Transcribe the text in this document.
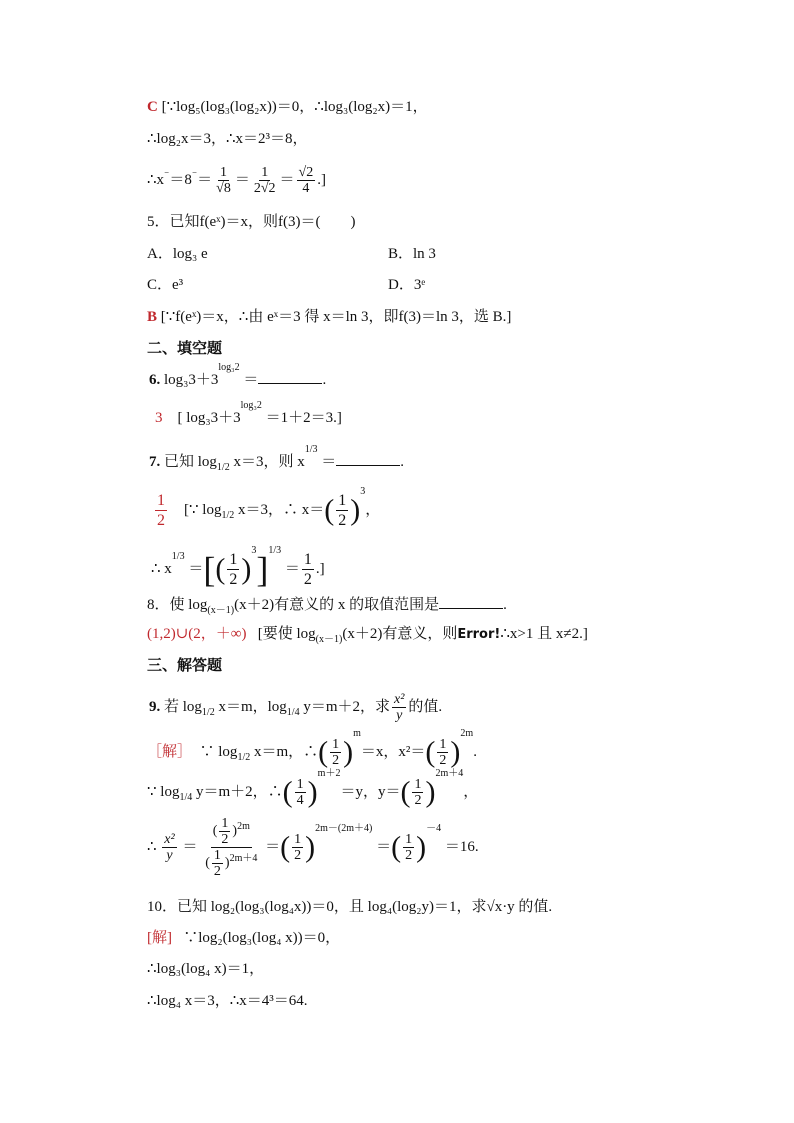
C [∵log₅(log₃(log₂x))＝0，∴log₃(log₂x)＝1，
∴log₂x＝3，∴x＝2³＝8，
∴x⁻＝8⁻＝ $\frac{1}{√8} = \frac{1}{2√2} = \frac{√2}{4}$ .]
5．已知f(eˣ)＝x，则f(3)＝(　　)
A．log₃ e	B．ln 3
C．e³	D．3ᵉ
B [∵f(eˣ)＝x，∴由 eˣ＝3 得 x＝ln 3，即f(3)＝ln 3，选 B.]
二、填空题
6. $\log_33+3^{log_32}$ ＝	.
3 [ $\log_33+3^{log_32} =1+2=3$.]
7. 已知 $\log_{1/2} x=3$，则 $x^{1/3}$ ＝	.
$\frac{1}{2}$ [∵ $\log_{1/2} x=3$，∴ $x=( \frac{1}{2} )^3$，
∴ $x^{1/3}$ ＝[( $\frac{1}{2} )^3]^{1/3} = \frac{1}{2}$ .]
8．使 $\log_{(x-1)}(x+2)$有意义的 x 的取值范围是	.
(1,2)∪(2，＋∞) [要使 $\log_{(x-1)}(x+2)$有意义，则Error!∴x>1 且 x≠2.]
三、解答题
9. 若 $\log_{1/2} x=m$，$\log_{1/4} y=m+2$，求 $\frac{\text{x²}}{y}$ 的值.
［解］ ∵ $\log_{1/2} x=m$，∴( $\frac{1}{2} )^m=x$，$x^2=( \frac{1}{2} )^{2m}$.
∵ $\log_{1/4} y=m+2$，∴( $\frac{1}{4} )^{m+2}=y$，$y=( \frac{1}{2} )^{2m+4}$，
∴ $\frac{\text{x²}}{y} = \frac{( \frac{1}{2} )^{2m}}{( \frac{1}{2} )^{2m+4}}$ ＝( $\frac{1}{2} )^{2m-(2m+4)}$ ＝( $\frac{1}{2} )^{-4} =16$.
10．已知 log₂(log₃(log₄x))＝0，且 log₄(log₂y)＝1，求√x·y 的值.
[解] ∵log₂(log₃(log₄ x))＝0，
∴log₃(log₄ x)＝1，
∴log₄ x＝3，∴x＝4³＝64.
